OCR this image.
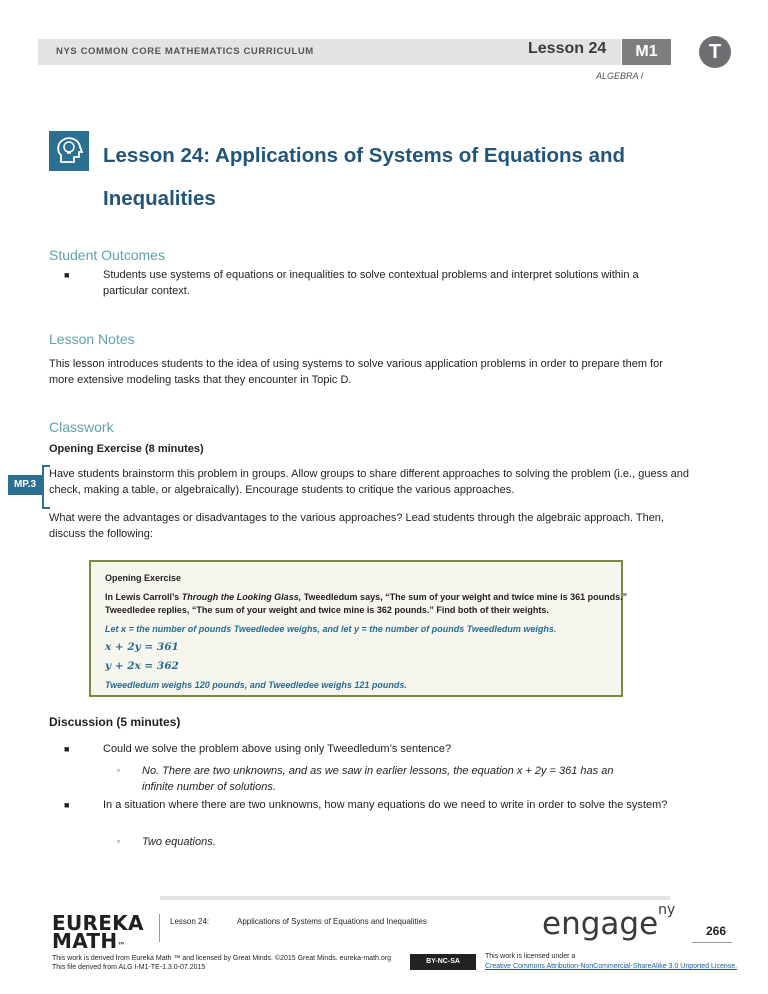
NYS COMMON CORE MATHEMATICS CURRICULUM	Lesson 24	M1
ALGEBRA I
T
Lesson 24: Applications of Systems of Equations and
Inequalities
Student Outcomes
■	Students use systems of equations or inequalities to solve contextual problems and interpret solutions within a particular context.
Lesson Notes
This lesson introduces students to the idea of using systems to solve various application problems in order to prepare them for more extensive modeling tasks that they encounter in Topic D.
Classwork
Opening Exercise (8 minutes)
MP.3
Have students brainstorm this problem in groups. Allow groups to share different approaches to solving the problem (i.e., guess and check, making a table, or algebraically). Encourage students to critique the various approaches.
What were the advantages or disadvantages to the various approaches? Lead students through the algebraic approach. Then, discuss the following:
Opening Exercise
In Lewis Carroll’s Through the Looking Glass, Tweedledum says, “The sum of your weight and twice mine is 361 pounds.”
Tweedledee replies, “The sum of your weight and twice mine is 362 pounds.” Find both of their weights.
Let x = the number of pounds Tweedledee weighs, and let y = the number of pounds Tweedledum weighs.
x + 2y = 361
y + 2x = 362
Tweedledum weighs 120 pounds, and Tweedledee weighs 121 pounds.
Discussion (5 minutes)
■	Could we solve the problem above using only Tweedledum’s sentence?
▫ No. There are two unknowns, and as we saw in earlier lessons, the equation x + 2y = 361 has an
infinite number of solutions.
■	In a situation where there are two unknowns, how many equations do we need to write in order to solve the system?
▫ Two equations.
EUREKA
MATH™
Lesson 24:	Applications of Systems of Equations and Inequalities
This work is derived from Eureka Math ™ and licensed by Great Minds. ©2015 Great Minds. eureka-math.org
This file derived from ALG I-M1-TE-1.3.0-07.2015
BY-NC-SA
This work is licensed under a
Creative Commons Attribution-NonCommercial-ShareAlike 3.0 Unported License.
engage$^{ny}$
266
